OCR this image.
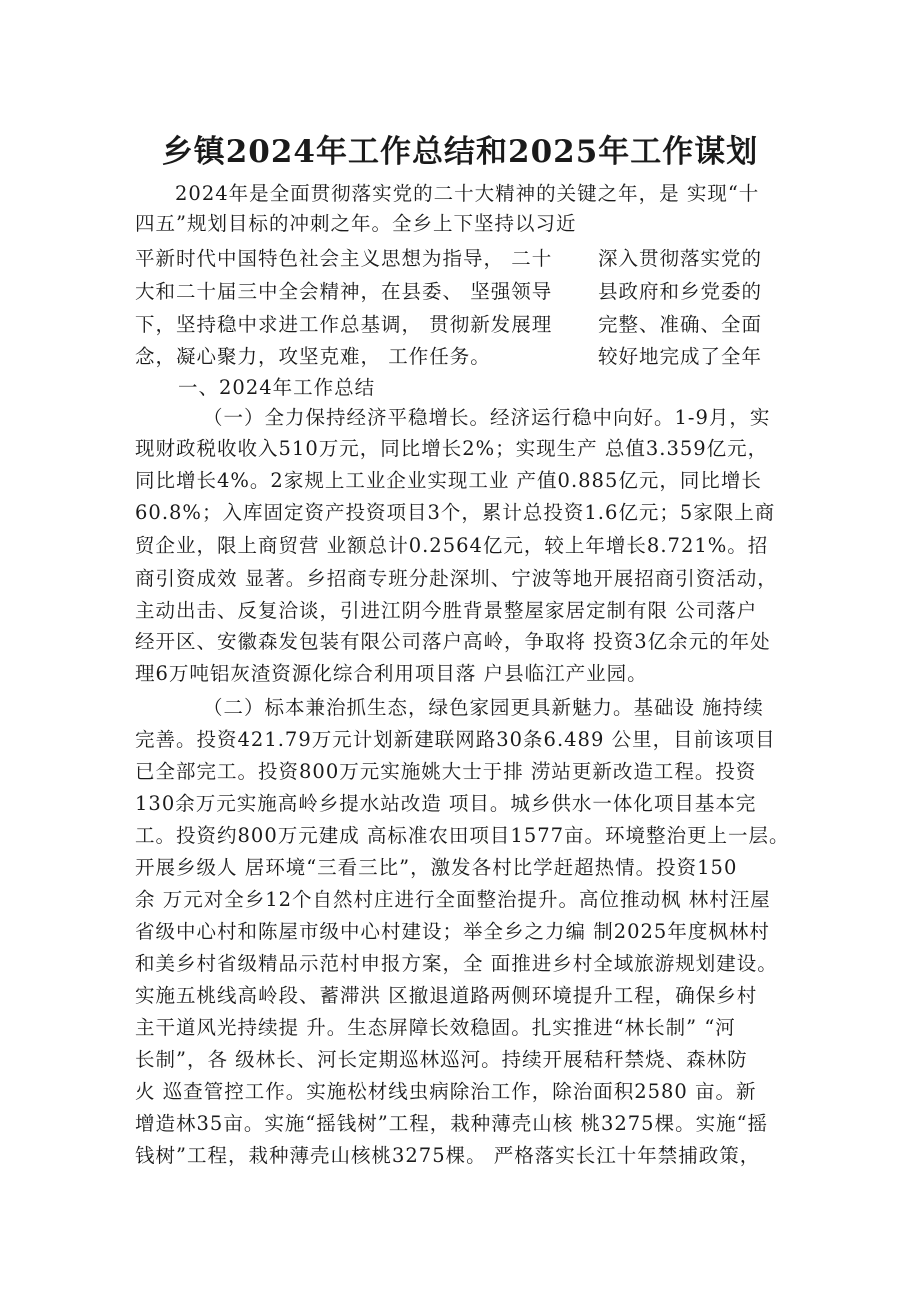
乡镇2024年工作总结和2025年工作谋划
2024年是全面贯彻落实党的二十大精神的关键之年，是 实现“十
四五”规划目标的冲刺之年。全乡上下坚持以习近
平新时代中国特色社会主义思想为指导， 二十
大和二十届三中全会精神，在县委、 坚强领导
下，坚持稳中求进工作总基调， 贯彻新发展理
念，凝心聚力，攻坚克难， 工作任务。
深入贯彻落实党的
县政府和乡党委的
完整、准确、全面
较好地完成了全年
一、2024年工作总结
（一）全力保持经济平稳增长。经济运行稳中向好。1-9月，实
现财政税收收入510万元，同比增长2%；实现生产 总值3.359亿元，
同比增长4%。2家规上工业企业实现工业 产值0.885亿元，同比增长
60.8%；入库固定资产投资项目3个，累计总投资1.6亿元；5家限上商
贸企业，限上商贸营 业额总计0.2564亿元，较上年增长8.721%。招
商引资成效 显著。乡招商专班分赴深圳、宁波等地开展招商引资活动，
主动出击、反复洽谈，引进江阴今胜背景整屋家居定制有限 公司落户
经开区、安徽森发包装有限公司落户高岭，争取将 投资3亿余元的年处
理6万吨铝灰渣资源化综合利用项目落 户县临江产业园。
（二）标本兼治抓生态，绿色家园更具新魅力。基础设 施持续
完善。投资421.79万元计划新建联网路30条6.489 公里，目前该项目
已全部完工。投资800万元实施姚大士于排 涝站更新改造工程。投资
130余万元实施高岭乡提水站改造 项目。城乡供水一体化项目基本完
工。投资约800万元建成 高标准农田项目1577亩。环境整治更上一层。
开展乡级人 居环境“三看三比”，激发各村比学赶超热情。投资150
余 万元对全乡12个自然村庄进行全面整治提升。高位推动枫 林村汪屋
省级中心村和陈屋市级中心村建设；举全乡之力编 制2025年度枫林村
和美乡村省级精品示范村申报方案，全 面推进乡村全域旅游规划建设。
实施五桃线高岭段、蓄滞洪 区撤退道路两侧环境提升工程，确保乡村
主干道风光持续提 升。生态屏障长效稳固。扎实推进“林长制” “河
长制”，各 级林长、河长定期巡林巡河。持续开展秸秆禁烧、森林防
火 巡查管控工作。实施松材线虫病除治工作，除治面积2580 亩。新
增造林35亩。实施“摇钱树”工程，栽种薄壳山核 桃3275棵。实施“摇
钱树”工程，栽种薄壳山核桃3275棵。 严格落实长江十年禁捕政策，
